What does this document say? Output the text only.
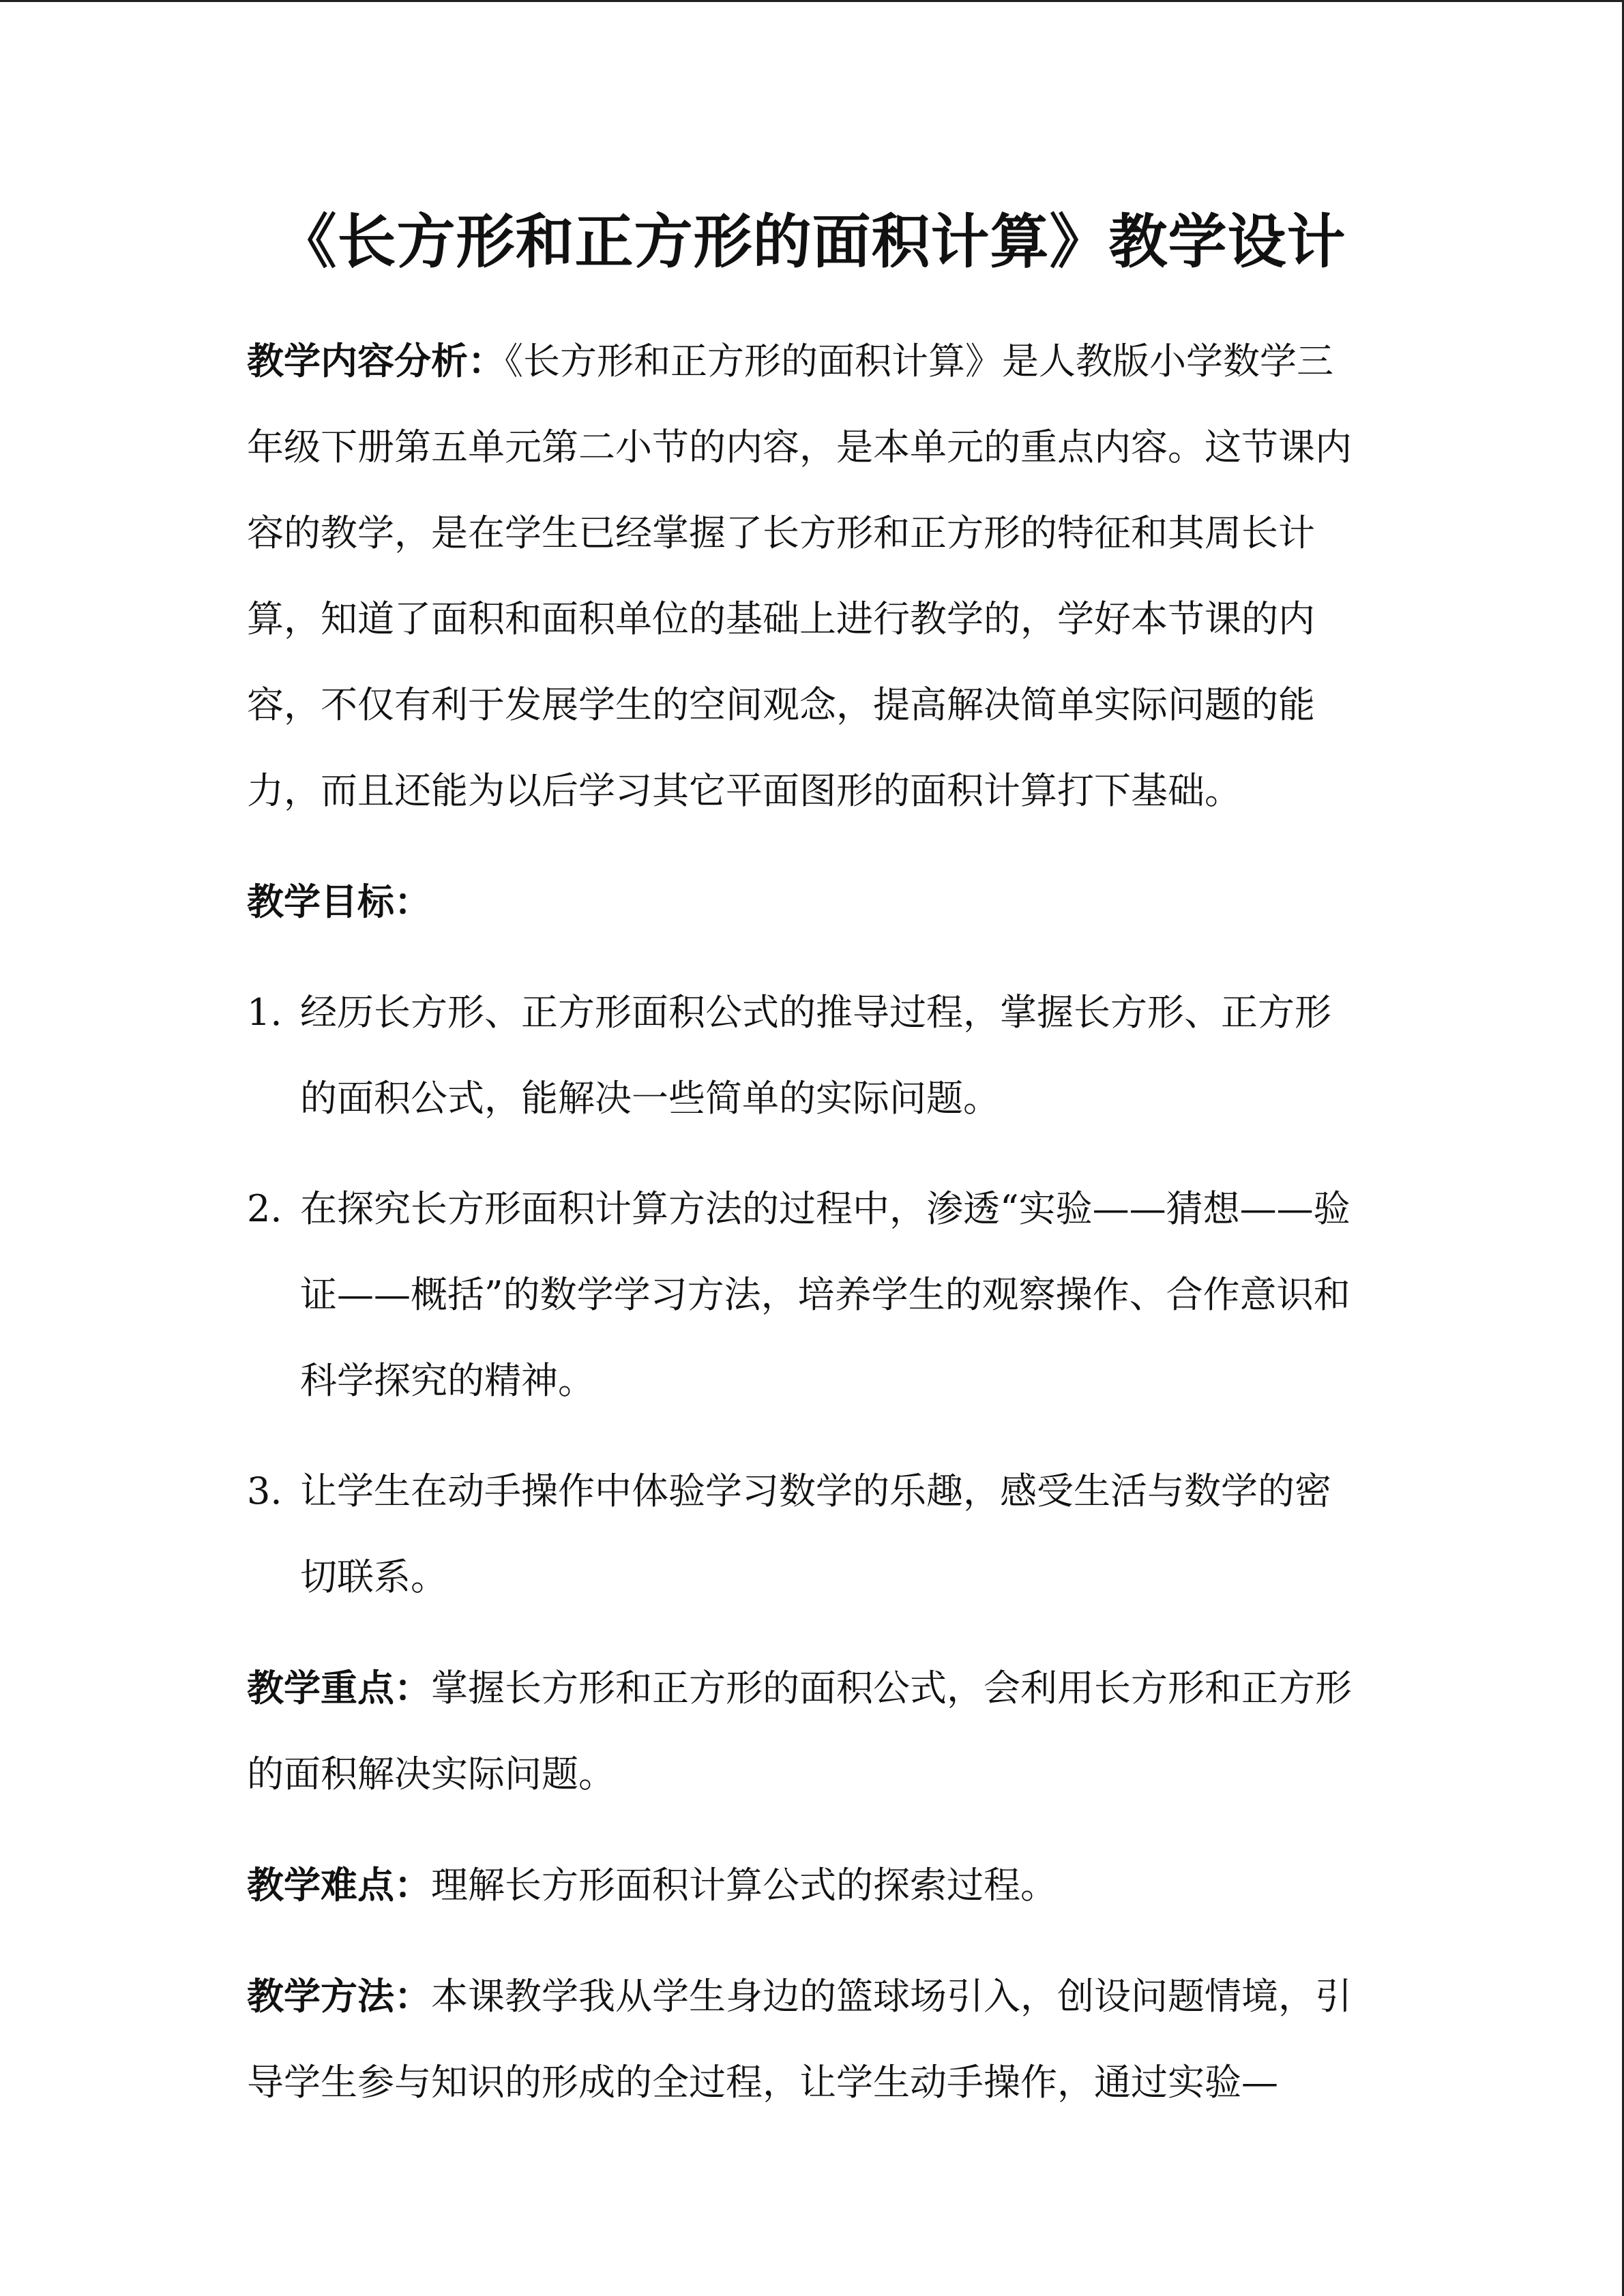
《长方形和正方形的面积计算》教学设计

教学内容分析：《长方形和正方形的面积计算》是人教版小学数学三年级下册第五单元第二小节的内容，是本单元的重点内容。这节课内容的教学，是在学生已经掌握了长方形和正方形的特征和其周长计算，知道了面积和面积单位的基础上进行教学的，学好本节课的内容，不仅有利于发展学生的空间观念，提高解决简单实际问题的能力，而且还能为以后学习其它平面图形的面积计算打下基础。

教学目标：

1. 经历长方形、正方形面积公式的推导过程，掌握长方形、正方形的面积公式，能解决一些简单的实际问题。
2. 在探究长方形面积计算方法的过程中，渗透“实验——猜想——验证——概括”的数学学习方法，培养学生的观察操作、合作意识和科学探究的精神。
3. 让学生在动手操作中体验学习数学的乐趣，感受生活与数学的密切联系。

教学重点：掌握长方形和正方形的面积公式，会利用长方形和正方形的面积解决实际问题。

教学难点：理解长方形面积计算公式的探索过程。

教学方法：本课教学我从学生身边的篮球场引入，创设问题情境，引导学生参与知识的形成的全过程，让学生动手操作，通过实验—
